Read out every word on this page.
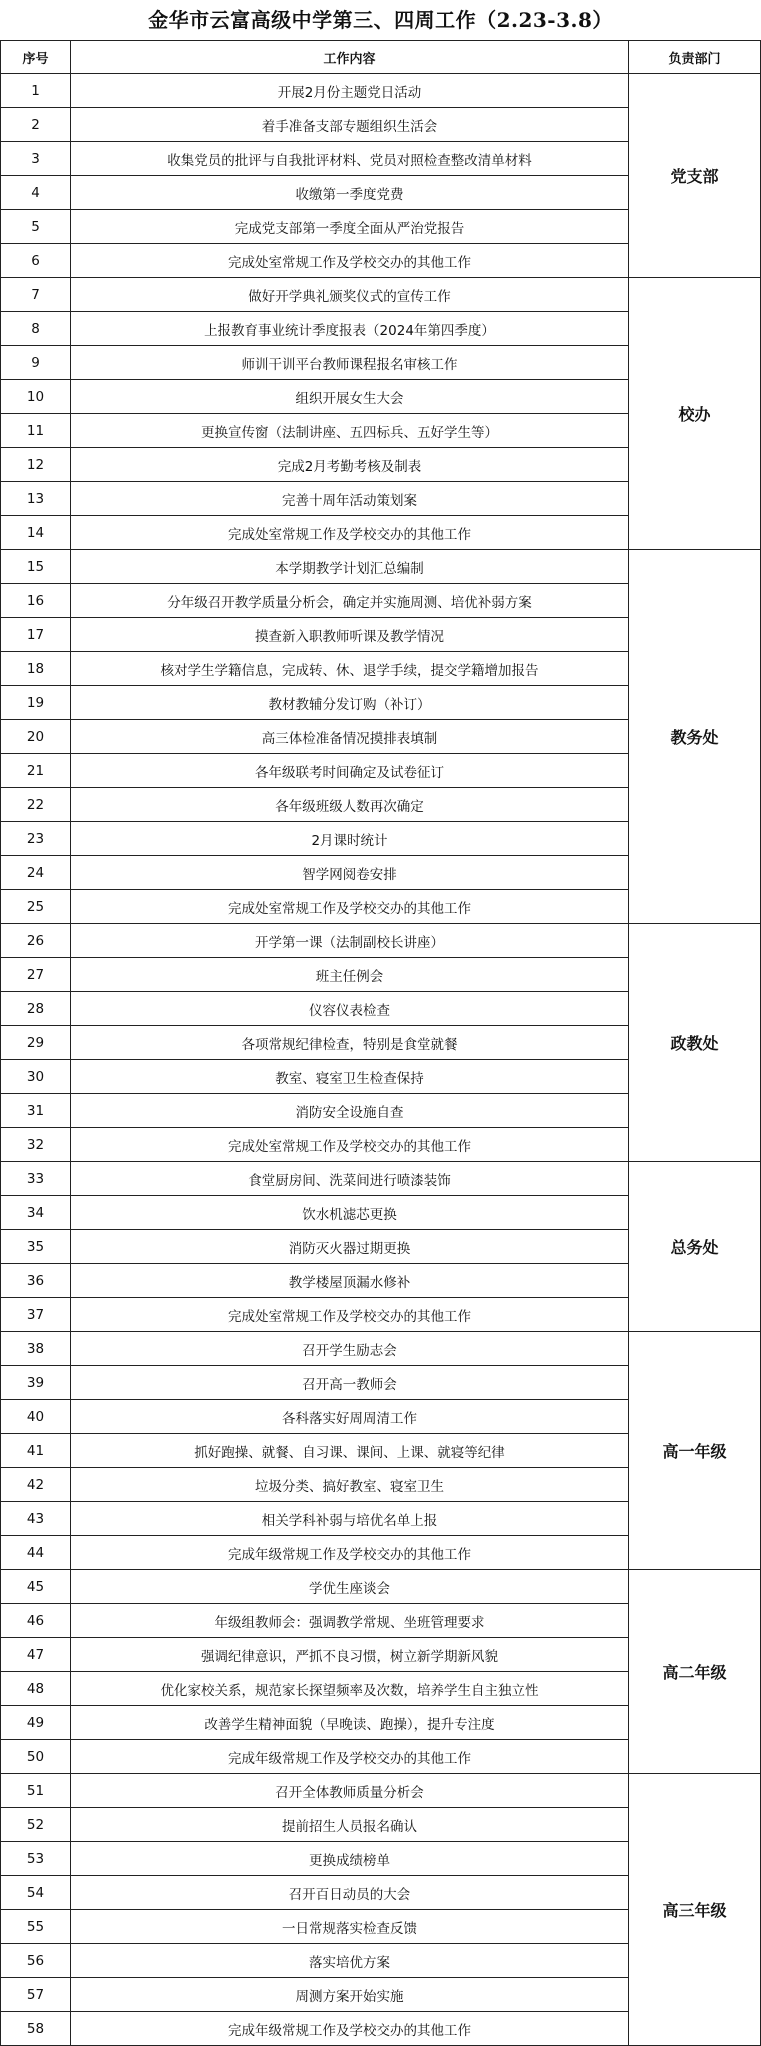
金华市云富高级中学第三、四周工作（2.23-3.8）
序号	工作内容	负责部门
1	开展2月份主题党日活动	党支部
2	着手准备支部专题组织生活会	
3	收集党员的批评与自我批评材料、党员对照检查整改清单材料	
4	收缴第一季度党费	
5	完成党支部第一季度全面从严治党报告	
6	完成处室常规工作及学校交办的其他工作	
7	做好开学典礼颁奖仪式的宣传工作	校办
8	上报教育事业统计季度报表（2024年第四季度）	
9	师训干训平台教师课程报名审核工作	
10	组织开展女生大会	
11	更换宣传窗（法制讲座、五四标兵、五好学生等）	
12	完成2月考勤考核及制表	
13	完善十周年活动策划案	
14	完成处室常规工作及学校交办的其他工作	
15	本学期教学计划汇总编制	教务处
16	分年级召开教学质量分析会，确定并实施周测、培优补弱方案	
17	摸查新入职教师听课及教学情况	
18	核对学生学籍信息，完成转、休、退学手续，提交学籍增加报告	
19	教材教辅分发订购（补订）	
20	高三体检准备情况摸排表填制	
21	各年级联考时间确定及试卷征订	
22	各年级班级人数再次确定	
23	2月课时统计	
24	智学网阅卷安排	
25	完成处室常规工作及学校交办的其他工作	
26	开学第一课（法制副校长讲座）	政教处
27	班主任例会	
28	仪容仪表检查	
29	各项常规纪律检查，特别是食堂就餐	
30	教室、寝室卫生检查保持	
31	消防安全设施自查	
32	完成处室常规工作及学校交办的其他工作	
33	食堂厨房间、洗菜间进行喷漆装饰	总务处
34	饮水机滤芯更换	
35	消防灭火器过期更换	
36	教学楼屋顶漏水修补	
37	完成处室常规工作及学校交办的其他工作	
38	召开学生励志会	高一年级
39	召开高一教师会	
40	各科落实好周周清工作	
41	抓好跑操、就餐、自习课、课间、上课、就寝等纪律	
42	垃圾分类、搞好教室、寝室卫生	
43	相关学科补弱与培优名单上报	
44	完成年级常规工作及学校交办的其他工作	
45	学优生座谈会	高二年级
46	年级组教师会：强调教学常规、坐班管理要求	
47	强调纪律意识，严抓不良习惯，树立新学期新风貌	
48	优化家校关系，规范家长探望频率及次数，培养学生自主独立性	
49	改善学生精神面貌（早晚读、跑操），提升专注度	
50	完成年级常规工作及学校交办的其他工作	
51	召开全体教师质量分析会	高三年级
52	提前招生人员报名确认	
53	更换成绩榜单	
54	召开百日动员的大会	
55	一日常规落实检查反馈	
56	落实培优方案	
57	周测方案开始实施	
58	完成年级常规工作及学校交办的其他工作	
